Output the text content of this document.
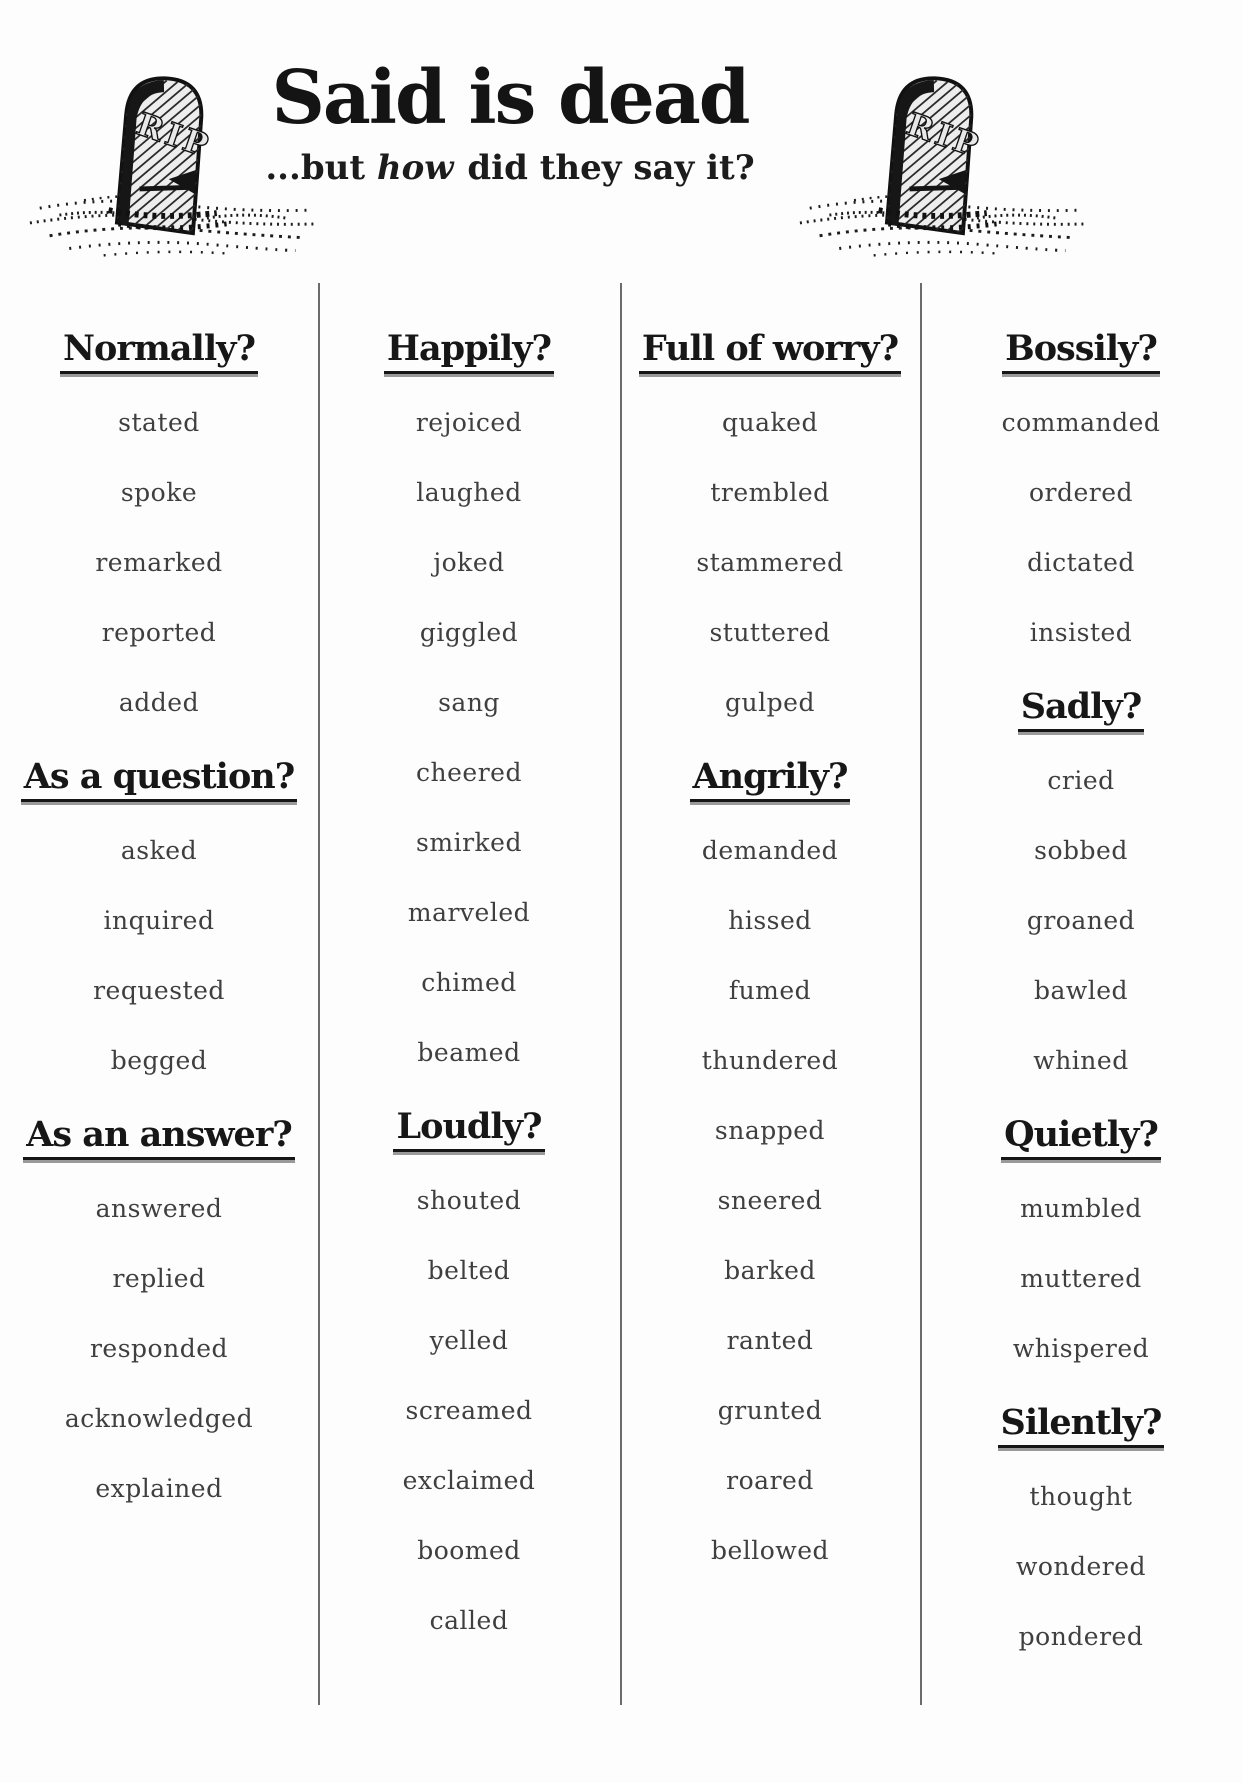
Said is dead

...but how did they say it?

Normally?
stated
spoke
remarked
reported
added
As a question?
asked
inquired
requested
begged
As an answer?
answered
replied
responded
acknowledged
explained
Happily?
rejoiced
laughed
joked
giggled
sang
cheered
smirked
marveled
chimed
beamed
Loudly?
shouted
belted
yelled
screamed
exclaimed
boomed
called
Full of worry?
quaked
trembled
stammered
stuttered
gulped
Angrily?
demanded
hissed
fumed
thundered
snapped
sneered
barked
ranted
grunted
roared
bellowed
Bossily?
commanded
ordered
dictated
insisted
Sadly?
cried
sobbed
groaned
bawled
whined
Quietly?
mumbled
muttered
whispered
Silently?
thought
wondered
pondered
